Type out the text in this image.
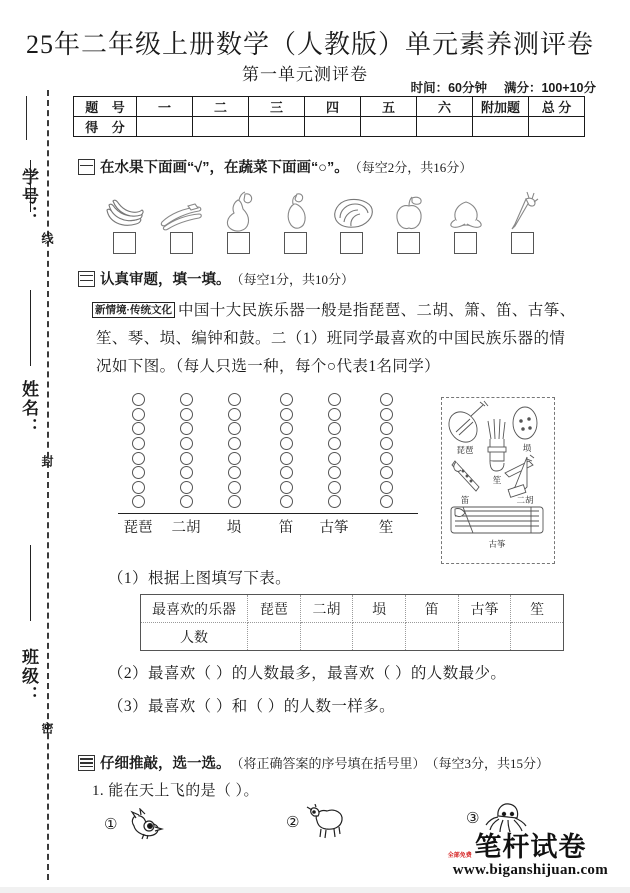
学号：
线
姓名：
封
班级：
密
25年二年级上册数学（人教版）单元素养测评卷
第一单元测评卷
时间：60分钟 满分：100+10分
题 号	一	二	三	四	五	六	附加题	总 分
得 分								
在水果下面画“√”，在蔬菜下面画“○”。 （每空2分，共16分）
认真审题，填一填。 （每空1分，共10分）
新情境·传统文化 中国十大民族乐器一般是指琵琶、二胡、箫、笛、古筝、
笙、琴、埙、编钟和鼓。二（1）班同学最喜欢的中国民族乐器的情
况如下图。（每人只选一种，每个○代表1名同学）
琵琶	二胡	埙	笛	古筝	笙
琵琶	埙
笙
笛	二胡
古筝
（1）根据上图填写下表。
最喜欢的乐器	琵琶	二胡	埙	笛	古筝	笙
人数						
（2）最喜欢（ ）的人数最多，最喜欢（ ）的人数最少。
（3）最喜欢（ ）和（ ）的人数一样多。
仔细推敲，选一选。 （将正确答案的序号填在括号里） （每空3分，共15分）
1. 能在天上飞的是（ ）。
①	②	③
笔杆试卷
www.biganshijuan.com
全部免费
